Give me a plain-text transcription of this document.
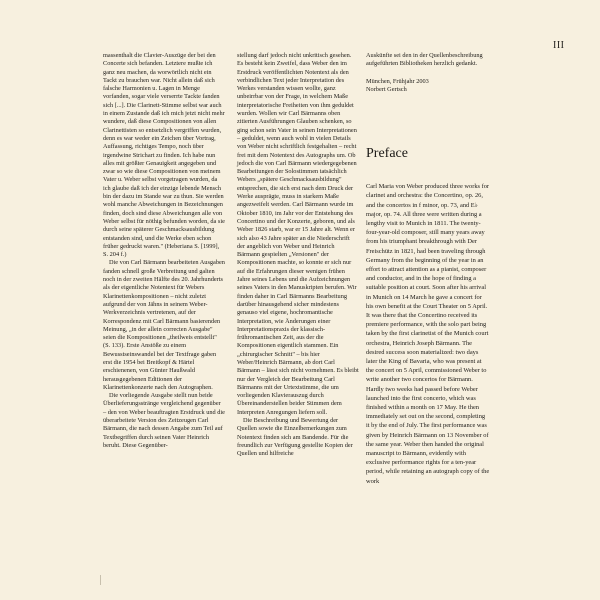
III

massenthalt die Clavier-Auszüge der bei den Concerte sich befanden. Letztere mußte ich ganz neu machen, da worwörtlich nicht ein Tackt zu brauchen war. Nicht allein daß sich falsche Harmonien u. Lagen in Menge vorfanden, sogar viele verserrte Tackte fanden sich [...]. Die Clarinett-Stimme selbst war auch in einem Zustande daß ich mich jetzt nicht mehr wundere, daß diese Compositionen von allen Clarinettisten so entsetzlich vergriffen wurden, denn es war weder ein Zeichen über Vortrag, Auffassung, richtiges Tempo, noch über irgendwine Strichart zu finden. Ich habe nun alles mit größter Genauigkeit angegeben und zwar so wie diese Compositionen von meinem Vater u. Weber selbst vorgetragen wurden, da ich glaube daß ich der einzige lebende Mensch bin der dazu im Stande war zu thun. Sie werden wohl manche Abweichungen in Bezeichnungen finden, doch sind diese Abweichungen alle von Weber selbst für nöthig befunden worden, da sie durch seine späterer Geschmacksausbildung entstanden sind, und die Werke eben schon früher gedruckt waren." (Heberiana S. [1999], S. 204 f.)

Die von Carl Bärmann bearbeiteten Ausgaben fanden schnell große Verbreitung und galten noch in der zweiten Hälfte des 20. Jahrhunderts als der eigentliche Notentext für Webers Klarinettenkompositionen – nicht zuletzt aufgrund der von Jähns in seinem Weber-Werkverzeichnis vertretenen, auf der Korrespondenz mit Carl Bärmann basierenden Meinung, „in der allein correcten Ausgabe" seien die Kompositionen „theilweis entstellt" (S. 133). Erste Anstöße zu einem Bewusstseinswandel bei der Textfrage gaben erst die 1954 bei Breitkopf & Härtel erschienenen, von Günter Haußwald herausgegebenen Editionen der Klarinettenkonzerte nach den Autographen.

Die vorliegende Ausgabe stellt nun beide Überlieferungsstränge vergleichend gegenüber – den von Weber beauftragten Erstdruck und die überarbeitete Version des Zeitzeugen Carl Bärmann, die nach dessen Angabe zum Teil auf Textbegriffen durch seinen Vater Heinrich beruht. Diese Gegenüber-

stellung darf jedoch nicht unkritisch gesehen. Es besteht kein Zweifel, dass Weber den im Erstdruck veröffentlichten Notentext als den verbindlichen Text jeder Interpretation des Werkes verstanden wissen wollte, ganz unbeirrbar von der Frage, in welchem Maße interpretatorische Freiheiten von ihm geduldet wurden. Wollen wir Carl Bärmanns oben zitierten Ausführungen Glauben schenken, so ging schon sein Vater in seinen Interpretationen – geduldet, wenn auch wohl in vielen Details von Weber nicht schriftlich festgehalten – recht frei mit dem Notentext des Autographs um. Ob jedoch die von Carl Bärmann wiedergegebenen Bearbeitungen der Solostimmen tatsächlich Webers „spätere Geschmacksausbildung" entsprechen, die sich erst nach dem Druck der Werke ausprägte, muss in starkem Maße angezweifelt werden. Carl Bärmann wurde im Oktober 1810, im Jahr vor der Entstehung des Concertino und der Konzerte, geboren, und als Weber 1826 starb, war er 15 Jahre alt. Wenn er sich also 43 Jahre später an die Niederschrift der angeblich von Weber und Heinrich Bärmann gespielten „Versionen" der Kompositionen machte, so konnte er sich nur auf die Erfahrungen dieser wenigen frühen Jahre seines Lebens und die Aufzeichnungen seines Vaters in den Manuskripten berufen. Wir finden daher in Carl Bärmanns Bearbeitung darüber hinausgehend sicher mindestens genauso viel eigene, hochromantische Interpretation, wie Änderungen einer Interpretationspraxis der klassisch-frühromantischen Zeit, aus der die Kompositionen eigentlich stammen. Ein „chirurgischer Schnitt" – bis hier Weber/Heinrich Bärmann, ab dort Carl Bärmann – lässt sich nicht vornehmen. Es bleibt nur der Vergleich der Bearbeitung Carl Bärmanns mit der Urtextstimme, die um vorliegenden Klavierauszug durch Übereinanderstellen beider Stimmen dem Interpreten Anregungen liefern soll.

Die Beschreibung und Bewertung der Quellen sowie die Einzelbemerkungen zum Notentext finden sich am Bandende. Für die freundlich zur Verfügung gestellte Kopien der Quellen und hilfreiche

Auskünfte sei den in der Quellenbeschreibung aufgeführten Bibliotheken herzlich gedankt.

München, Frühjahr 2003
Norbert Gertsch
Preface

Carl Maria von Weber produced three works for clarinet and orchestra: the Concertino, op. 26, and the concertos in f minor, op. 73, and E♭ major, op. 74. All three were written during a lengthy visit to Munich in 1811. The twenty-four-year-old composer, still many years away from his triumphant breakthrough with Der Freischütz in 1821, had been traveling through Germany from the beginning of the year in an effort to attract attention as a pianist, composer and conductor, and in the hope of finding a suitable position at court. Soon after his arrival in Munich on 14 March he gave a concert for his own benefit at the Court Theater on 5 April. It was there that the Concertino received its premiere performance, with the solo part being taken by the first clarinetist of the Munich court orchestra, Heinrich Joseph Bärmann. The desired success soon materialized: two days later the King of Bavaria, who was present at the concert on 5 April, commissioned Weber to write another two concertos for Bärmann. Hardly two weeks had passed before Weber launched into the first concerto, which was finished within a month on 17 May. He then immediately set out on the second, completing it by the end of July. The first performance was given by Heinrich Bärmann on 13 November of the same year. Weber then handed the original manuscript to Bärmann, evidently with exclusive performance rights for a ten-year period, while retaining an autograph copy of the work
